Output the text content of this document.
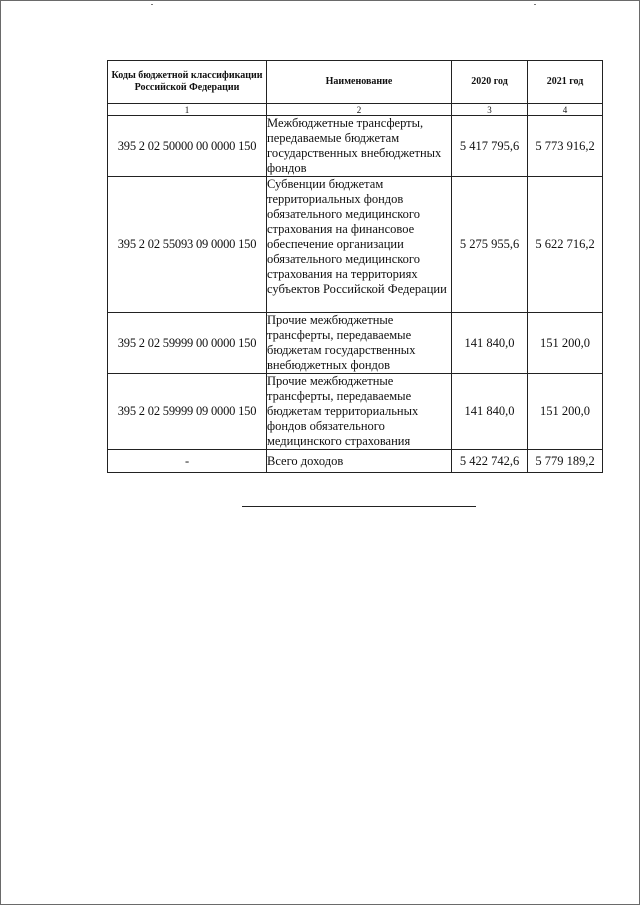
Коды бюджетной классификации Российской Федерации	Наименование	2020 год	2021 год
1	2	3	4
395 2 02 50000 00 0000 150	Межбюджетные трансферты, передаваемые бюджетам государственных внебюджетных фондов	5 417 795,6	5 773 916,2
395 2 02 55093 09 0000 150	Субвенции бюджетам территориальных фондов обязательного медицинского страхования на финансовое обеспечение организации обязательного медицинского страхования на территориях субъектов Российской Федерации	5 275 955,6	5 622 716,2
395 2 02 59999 00 0000 150	Прочие межбюджетные трансферты, передаваемые бюджетам государственных внебюджетных фондов	141 840,0	151 200,0
395 2 02 59999 09 0000 150	Прочие межбюджетные трансферты, передаваемые бюджетам территориальных фондов обязательного медицинского страхования	141 840,0	151 200,0
-	Всего доходов	5 422 742,6	5 779 189,2
